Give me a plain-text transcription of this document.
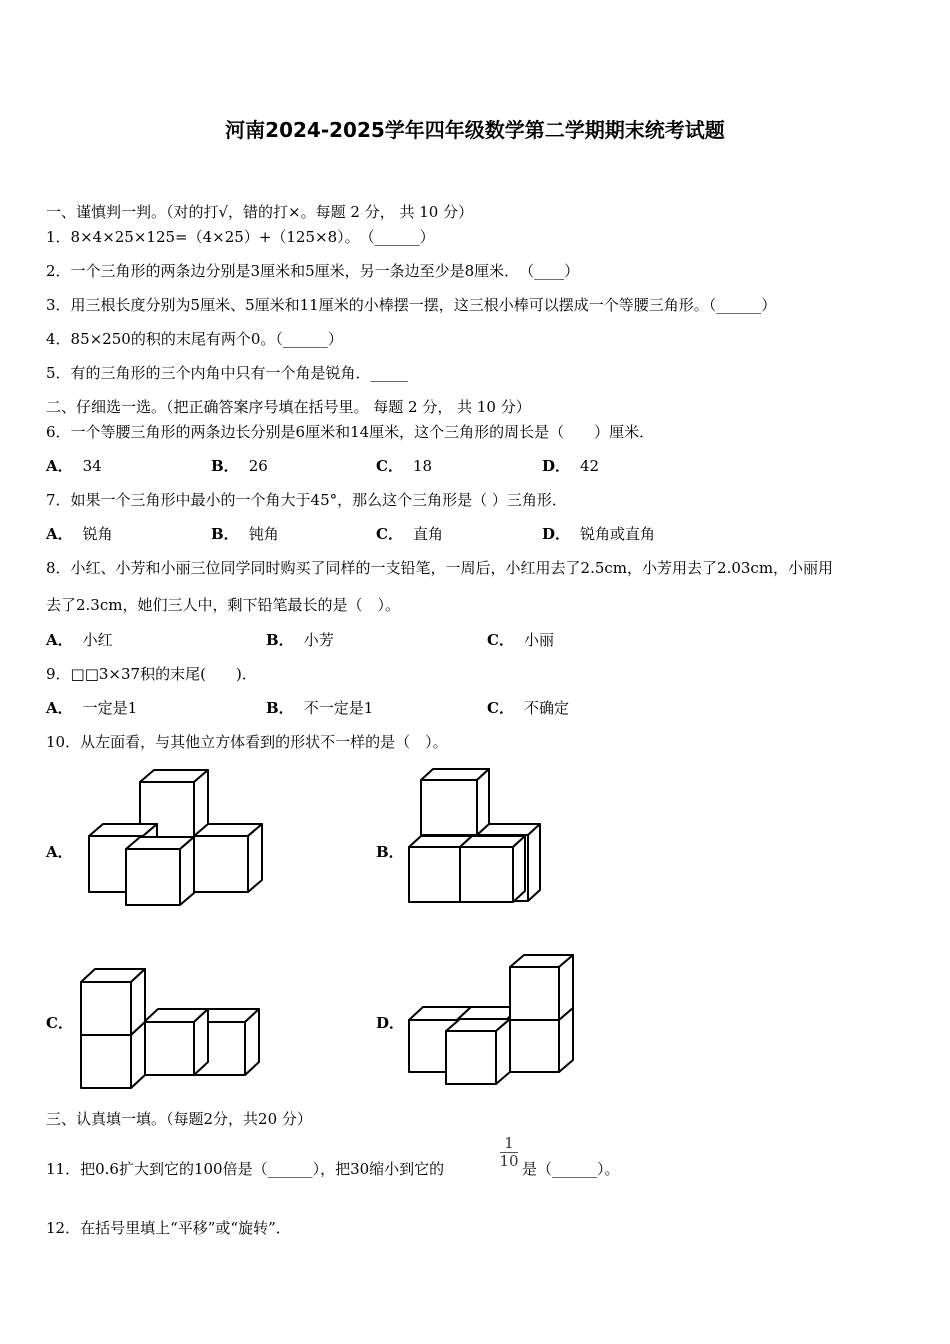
河南2024-2025学年四年级数学第二学期期末统考试题
一、谨慎判一判。（对的打√，错的打×。每题 2 分， 共 10 分）
1．8×4×25×125=（4×25）+（125×8）。　（______）
2．一个三角形的两条边分别是3厘米和5厘米，另一条边至少是8厘米．　（____）
3．用三根长度分别为5厘米、5厘米和11厘米的小棒摆一摆，这三根小棒可以摆成一个等腰三角形。（______）
4．85×250的积的末尾有两个0。（______）
5．有的三角形的三个内角中只有一个角是锐角．_____
二、仔细选一选。（把正确答案序号填在括号里。 每题 2 分， 共 10 分）
6．一个等腰三角形的两条边长分别是6厘米和14厘米，这个三角形的周长是（　　）厘米．
A． 34	B． 26	C． 18	D． 42
7．如果一个三角形中最小的一个角大于45°，那么这个三角形是（ ）三角形．
A． 锐角	B． 钝角	C． 直角	D． 锐角或直角
8．小红、小芳和小丽三位同学同时购买了同样的一支铅笔，一周后，小红用去了2.5cm，小芳用去了2.03cm，小丽用
去了2.3cm，她们三人中，剩下铅笔最长的是（　）。
A． 小红	B． 小芳	C． 小丽
9．□□3×37积的末尾(　　)．
A． 一定是1	B． 不一定是1	C． 不确定
10．从左面看，与其他立方体看到的形状不一样的是（　）。
A．	B．
C．	D．
三、认真填一填。（每题2分，共20 分）
11．把0.6扩大到它的100倍是（______），把30缩小到它的
1
10 是（______）。
12．在括号里填上“平移”或“旋转”．
